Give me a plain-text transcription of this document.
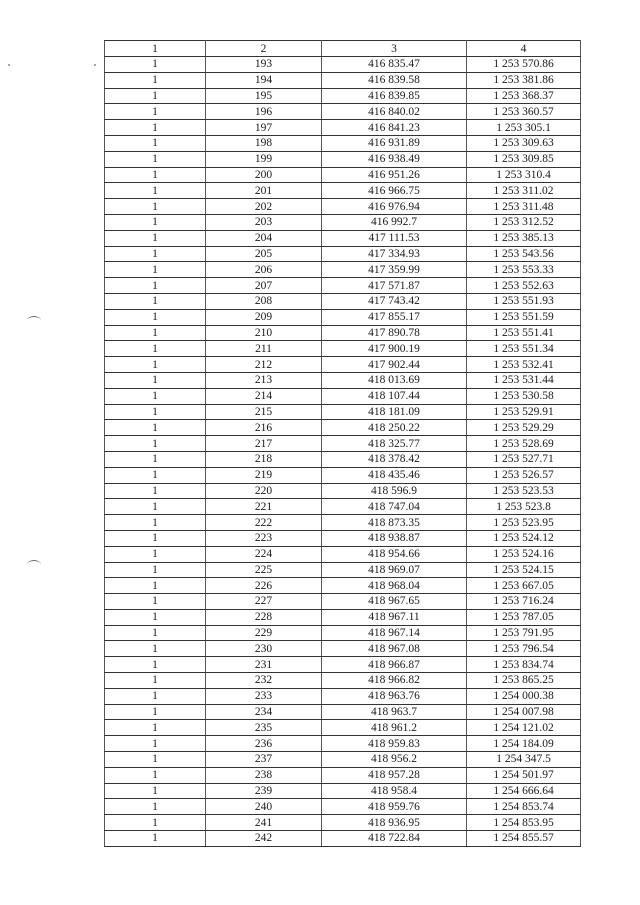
1	2	3	4
1	193	416 835.47	1 253 570.86
1	194	416 839.58	1 253 381.86
1	195	416 839.85	1 253 368.37
1	196	416 840.02	1 253 360.57
1	197	416 841.23	1 253 305.1
1	198	416 931.89	1 253 309.63
1	199	416 938.49	1 253 309.85
1	200	416 951.26	1 253 310.4
1	201	416 966.75	1 253 311.02
1	202	416 976.94	1 253 311.48
1	203	416 992.7	1 253 312.52
1	204	417 111.53	1 253 385.13
1	205	417 334.93	1 253 543.56
1	206	417 359.99	1 253 553.33
1	207	417 571.87	1 253 552.63
1	208	417 743.42	1 253 551.93
1	209	417 855.17	1 253 551.59
1	210	417 890.78	1 253 551.41
1	211	417 900.19	1 253 551.34
1	212	417 902.44	1 253 532.41
1	213	418 013.69	1 253 531.44
1	214	418 107.44	1 253 530.58
1	215	418 181.09	1 253 529.91
1	216	418 250.22	1 253 529.29
1	217	418 325.77	1 253 528.69
1	218	418 378.42	1 253 527.71
1	219	418 435.46	1 253 526.57
1	220	418 596.9	1 253 523.53
1	221	418 747.04	1 253 523.8
1	222	418 873.35	1 253 523.95
1	223	418 938.87	1 253 524.12
1	224	418 954.66	1 253 524.16
1	225	418 969.07	1 253 524.15
1	226	418 968.04	1 253 667.05
1	227	418 967.65	1 253 716.24
1	228	418 967.11	1 253 787.05
1	229	418 967.14	1 253 791.95
1	230	418 967.08	1 253 796.54
1	231	418 966.87	1 253 834.74
1	232	418 966.82	1 253 865.25
1	233	418 963.76	1 254 000.38
1	234	418 963.7	1 254 007.98
1	235	418 961.2	1 254 121.02
1	236	418 959.83	1 254 184.09
1	237	418 956.2	1 254 347.5
1	238	418 957.28	1 254 501.97
1	239	418 958.4	1 254 666.64
1	240	418 959.76	1 254 853.74
1	241	418 936.95	1 254 853.95
1	242	418 722.84	1 254 855.57
